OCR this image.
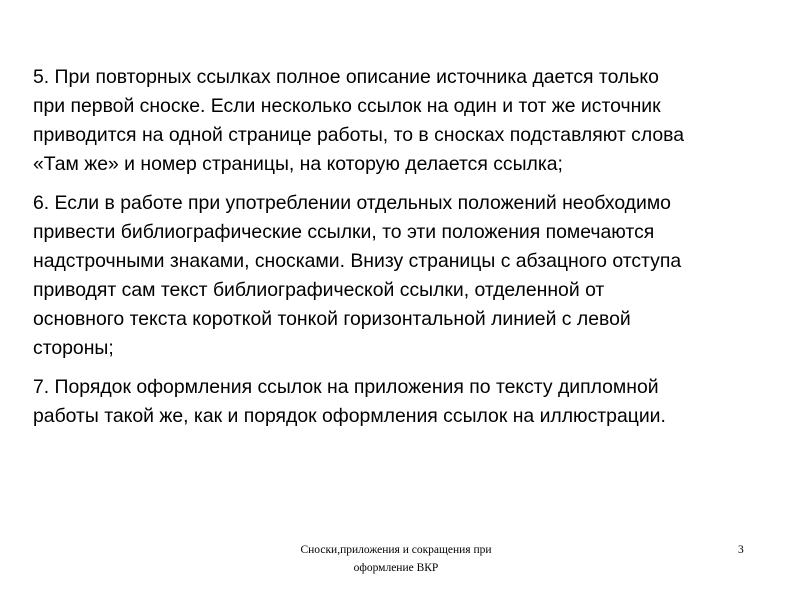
5. При повторных ссылках полное описание источника дается только
при первой сноске. Если несколько ссылок на один и тот же источник
приводится на одной странице работы, то в сносках подставляют слова
«Там же» и номер страницы, на которую делается ссылка;

6. Если в работе при употреблении отдельных положений необходимо
привести библиографические ссылки, то эти положения помечаются
надстрочными знаками, сносками. Внизу страницы с абзацного отступа
приводят сам текст библиографической ссылки, отделенной от
основного текста короткой тонкой горизонтальной линией с левой
стороны;

7. Порядок оформления ссылок на приложения по тексту дипломной
работы такой же, как и порядок оформления ссылок на иллюстрации.

Сноски,приложения и сокращения при
оформление ВКР
3
